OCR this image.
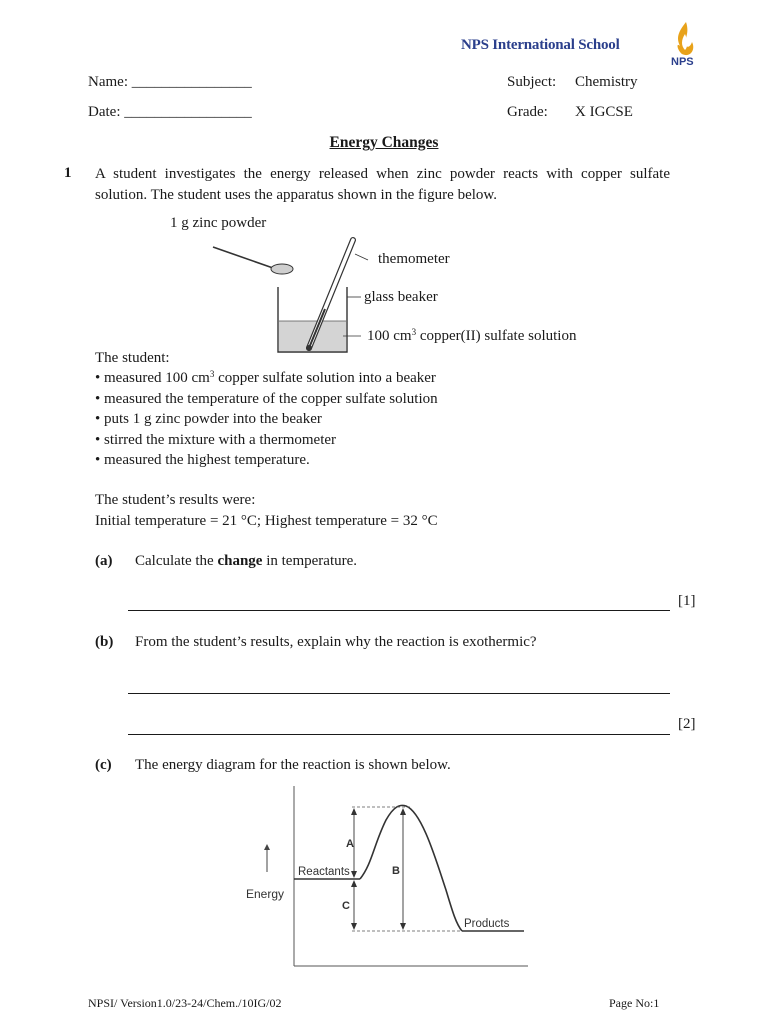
NPS International School
NPS
Name: ________________
Date: _________________
Subject: Chemistry
Grade: X IGCSE
Energy Changes
1 A student investigates the energy released when zinc powder reacts with copper sulfate solution. The student uses the apparatus shown in the figure below.
1 g zinc powder
themometer
glass beaker
100 $cm^3$ copper(II) sulfate solution
The student:
• measured 100 $cm^3$ copper sulfate solution into a beaker
• measured the temperature of the copper sulfate solution
• puts 1 g zinc powder into the beaker
• stirred the mixture with a thermometer
• measured the highest temperature.
The student’s results were:
Initial temperature = 21 °C; Highest temperature = 32 °C
(a) Calculate the change in temperature.
[1]
(b) From the student’s results, explain why the reaction is exothermic?
[2]
(c) The energy diagram for the reaction is shown below.
Energy
Reactants
Products
A
B
C
NPSI/ Version1.0/23-24/Chem./10IG/02	Page No:1
